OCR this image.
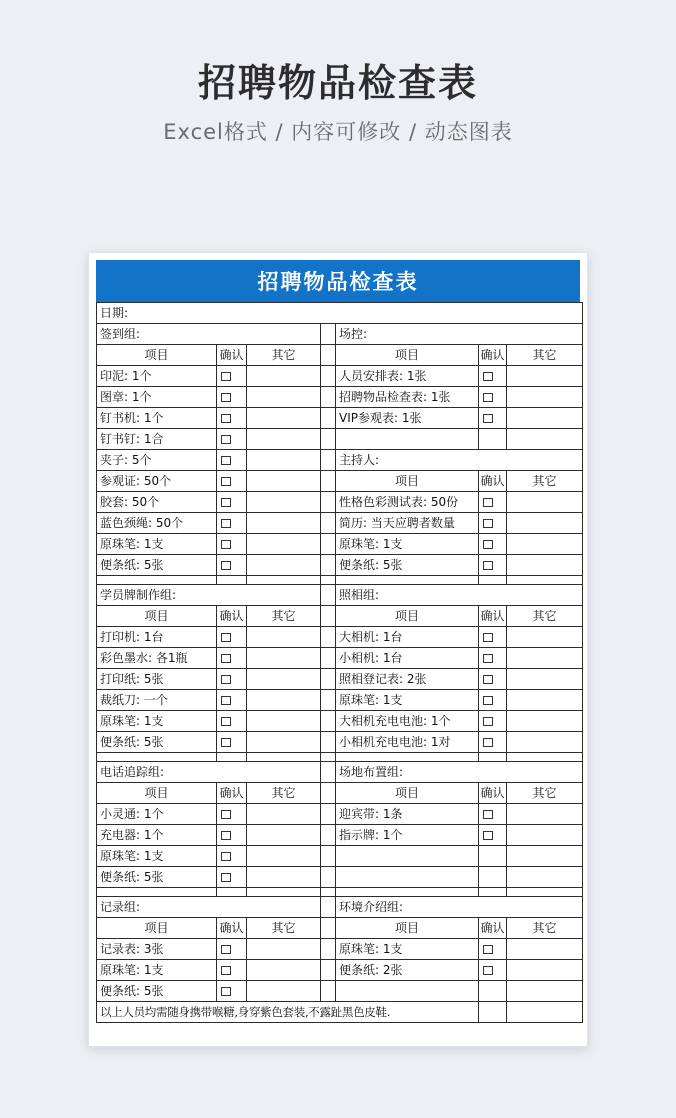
招聘物品检查表
Excel格式 / 内容可修改 / 动态图表
招聘物品检查表
日期:						
签到组:				场控:		
项目	确认	其它		项目	确认	其它
印泥: 1个				人员安排表: 1张		
图章: 1个				招聘物品检查表: 1张		
钉书机: 1个				VIP参观表: 1张		
钉书钉: 1合						
夹子: 5个				主持人:		
参观证: 50个				项目	确认	其它
胶套: 50个				性格色彩测试表: 50份		
蓝色颈绳: 50个				简历: 当天应聘者数量		
原珠笔: 1支				原珠笔: 1支		
便条纸: 5张				便条纸: 5张		

学员牌制作组:				照相组:		
项目	确认	其它		项目	确认	其它
打印机: 1台				大相机: 1台		
彩色墨水: 各1瓶				小相机: 1台		
打印纸: 5张				照相登记表: 2张		
裁纸刀: 一个				原珠笔: 1支		
原珠笔: 1支				大相机充电电池: 1个		
便条纸: 5张				小相机充电电池: 1对		

电话追踪组:				场地布置组:		
项目	确认	其它		项目	确认	其它
小灵通: 1个				迎宾带: 1条		
充电器: 1个				指示牌: 1个		
原珠笔: 1支						
便条纸: 5张						

记录组:				环境介绍组:		
项目	确认	其它		项目	确认	其它
记录表: 3张				原珠笔: 1支		
原珠笔: 1支				便条纸: 2张		
便条纸: 5张						
以上人员均需随身携带喉糖,身穿紫色套装,不露趾黑色皮鞋.						
